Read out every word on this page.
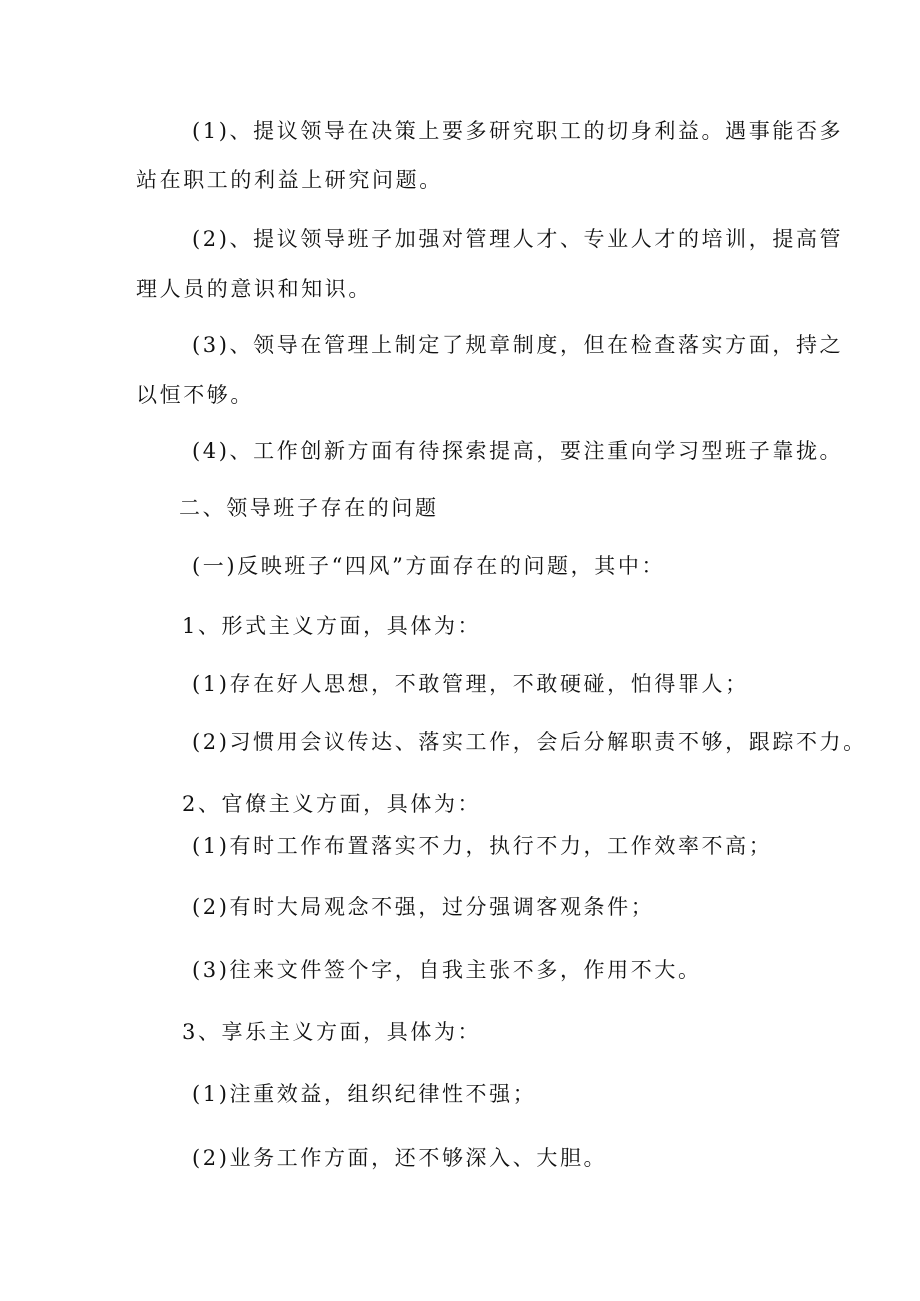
(1)、提议领导在决策上要多研究职工的切身利益。遇事能否多
站在职工的利益上研究问题。
(2)、提议领导班子加强对管理人才、专业人才的培训，提高管
理人员的意识和知识。
(3)、领导在管理上制定了规章制度，但在检查落实方面，持之
以恒不够。
(4)、工作创新方面有待探索提高，要注重向学习型班子靠拢。
二、领导班子存在的问题
(一)反映班子“四风”方面存在的问题，其中：
1、形式主义方面，具体为：
(1)存在好人思想，不敢管理，不敢硬碰，怕得罪人；
(2)习惯用会议传达、落实工作，会后分解职责不够，跟踪不力。
2、官僚主义方面，具体为：
(1)有时工作布置落实不力，执行不力，工作效率不高；
(2)有时大局观念不强，过分强调客观条件；
(3)往来文件签个字，自我主张不多，作用不大。
3、享乐主义方面，具体为：
(1)注重效益，组织纪律性不强；
(2)业务工作方面，还不够深入、大胆。
